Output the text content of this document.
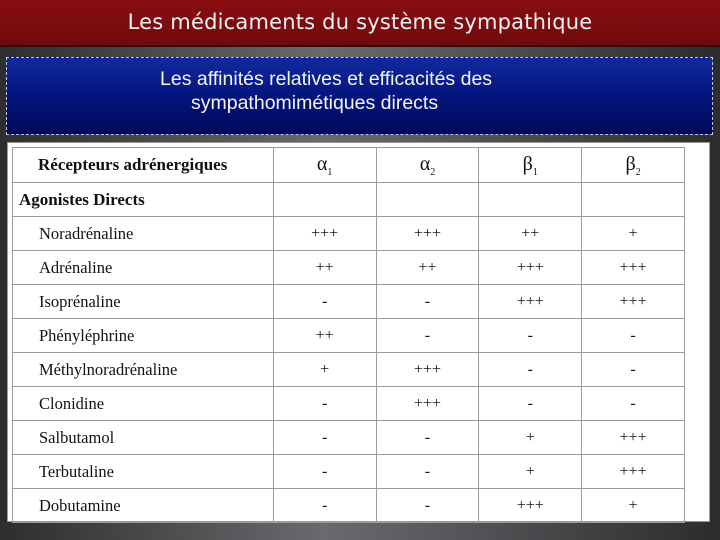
Les médicaments du système sympathique
Les affinités relatives et efficacités des
sympathomimétiques directs
Récepteurs adrénergiques	$\alpha_1$	$\alpha_2$	$\beta_1$	$\beta_2$
Agonistes Directs				
Noradrénaline	+++	+++	++	+
Adrénaline	++	++	+++	+++
Isoprénaline	-	-	+++	+++
Phényléphrine	++	-	-	-
Méthylnoradrénaline	+	+++	-	-
Clonidine	-	+++	-	-
Salbutamol	-	-	+	+++
Terbutaline	-	-	+	+++
Dobutamine	-	-	+++	+
